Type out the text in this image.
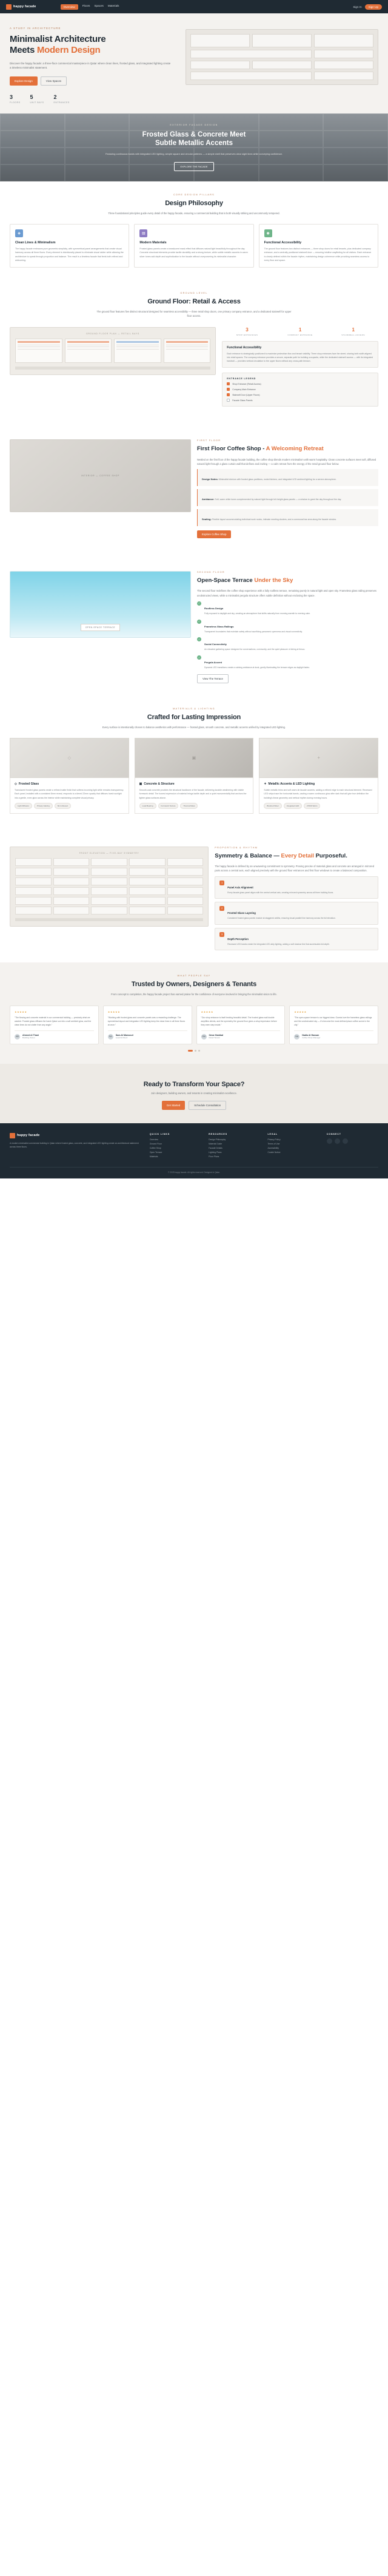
happy facade	Overview	Floors Spaces Materials	Sign In	Sign Up
A STUDY IN ARCHITECTURE
Minimalist Architecture
Meets Modern Design

Discover the happy facade: a three-floor commercial masterpiece in Qatar where clean lines, frosted glass, and integrated lighting create a timeless minimalist statement.

Explore Design	View Spaces
3
FLOORS
5
UNIT BAYS
2
ENTRANCES
EXTERIOR FACADE DESIGN
Frosted Glass & Concrete Meet
Subtle Metallic Accents

Featuring continuous bands with integrated LED lighting, simple square and circular patterns — a simple shell that preserves clear sight lines while conveying confidence.

EXPLORE THE FACADE
CORE DESIGN PILLARS
Design Philosophy

Three foundational principles guide every detail of the happy facade, ensuring a commercial building that is both visually striking and uncommonly tempered.

◈
Clean Lines & Minimalism

The happy facade embraces pure geometric simplicity, with symmetrical panel arrangements that create visual harmony across all three floors. Every element is intentionally placed to eliminate visual clutter while allowing the architecture to speak through proportion and balance. The result is a timeless facade that feels both refined and welcoming.

▤
Modern Materials

Frosted glass panels create a translucent mask effect that diffuses natural light beautifully throughout the day. Concrete structural elements provide tactile durability and a strong texture, while subtle metallic accents in warm silver tones add depth and sophistication to the facade without overpowering its minimalist character.

◉
Functional Accessibility

The ground floor features two distinct entrances — three shop doors for retail tenants, plus dedicated company entrance, and a centrally positioned stairwell door — ensuring intuitive wayfinding for all visitors. Each entrance is clearly defined within the facade rhythm, maintaining design coherence while providing seamless access to every floor and space.

GROUND LEVEL
Ground Floor: Retail & Access

The ground floor features five distinct structural designed for seamless accessibility — three retail shop doors, one primary company entrance, and a dedicated stairwell for upper floor access.

GROUND FLOOR PLAN — RETAIL BAYS
3
SHOP ENTRANCES
1
COMPANY ENTRANCE
1
STAIRWELL ACCESS
Functional Accessibility

Each entrance is strategically positioned to maximize pedestrian flow and tenant visibility. Three shop entrances face the street, sharing both width aligned into retail spaces. The company entrance provides a secure, separate path for building occupants, while the dedicated stairwell access — with its integrated handrail — provides vertical circulation to the upper floors without any cross-path tension.

ENTRANCE LEGEND
Shop Entrance (Retail Access)
Company Main Entrance
Stairwell Door (Upper Floors)
Facade Glass Panels
INTERIOR — COFFEE SHOP
FIRST FLOOR
First Floor Coffee Shop - A Welcoming Retreat

Nestled on the first floor of the happy facade building, the coffee shop blends modern minimalism with warm hospitality. Clean concrete surfaces meet soft, diffused natural light through a glass curtain wall that defines and inviting — a calm retreat from the energy of the retail ground floor below.

Design Notes: Minimalist interiors with frosted glass partitions, muted timbers, and integrated LED ambient lighting for a serene atmosphere.
Ambiance: Soft, warm white tones complemented by natural light through full-height glass panels — a window to greet the day throughout the day.
Seating: Flexible layout accommodating individual work nooks, intimate meeting clusters, and a communal bar area along the facade window.
Explore Coffee Shop
OPEN-SPACE TERRACE
SECOND FLOOR
Open-Space Terrace Under the Sky

The second floor redefines the coffee shop experience with a fully roofless terrace, remaining purely in natural light and open sky. Frameless glass railing preserves unobstructed views, while a minimalist pergola structure offers subtle definition without enclosing the space.

✓
Roofless Design

Fully exposed to daylight and sky, creating an atmosphere that shifts naturally from morning warmth to evening calm.

✓
Frameless Glass Railings

Transparent boundaries that maintain safety without sacrificing panoramic openness and visual connectivity.

✓
Social Connectivity

An elevated gathering space designed for conversations, community, and the quiet pleasure of dining al fresco.

✓
Pergola Accent

Dynamic LED transitions create a calming ambiance at dusk, gently illuminating the terrace edges as daylight fades.

View The Terrace
MATERIALS & LIGHTING
Crafted for Lasting Impression

Every surface is intentionally chosen to balance aesthetics with performance — frosted glass, smooth concrete, and metallic accents unified by integrated LED lighting.

◇
◇ Frosted Glass

Translucent frosted glass panels create a refined matte finish that softens incoming light while remains transparency. Each panel, installed with a consistent 8mm reveal, responds to a tiered 22mm opacity that diffuses harsh sunlight into a gentle, even glow across the interior while maintaining complete visual privacy.

Light Diffusion	Privacy Glazing	8mm Reveal
▣
▣ Concrete & Structure

Smooth-cast concrete provides the structural backbone of the facade, delivering durable weathering with visible formwork detail. The honest expression of material brings tactile depth and a quiet monumentality that anchors the lighter glass surfaces above.

Load Bearing	Formwork Texture	Thermal Mass
✦
✦ Metallic Accents & LED Lighting

Subtle metallic trims and soft warm-tin facade accents, adding a refined edge to each structural element. Recessed LED strips trace the horizontal bands, casting a warm continuous glow after dark that will give true definition the building's linear geometry and vertical rhythm during evening hours.

Brushed Silver	Integrated LED	2700K Warm
FRONT ELEVATION — FIVE-BAY SYMMETRY
PROPORTION & RHYTHM
Symmetry & Balance — Every Detail Purposeful.

The happy facade is defined by an unwavering commitment to symmetry. Proving precise of material glass and concrete are arranged in mirrored pairs across a central axis, each aligned precisely with the ground floor entrances and first floor windows to create a balanced composition.

1
Panel Axis Alignment

Every facade glass panel aligns with the central vertical axis, creating mirrored symmetry across all three building floors.

2
Frosted Glass Layering

Consistent frosted glass panels module at staggered widths, ensuring visual parallel line harmony across the full elevation.

3
Depth Perception

Recessed LED bands create the integrated LED-strip lighting, adding a soft shadow line that accentuates full-depth.

WHAT PEOPLE SAY
Trusted by Owners, Designers & Tenants

From concept to completion, the happy facade project has earned praise for the confidence of everyone involved in bringing the minimalist vision to life.

★★★★★

"The flowing and concrete material in our commercial building — precisely what we wanted. Frosted glass diffuses the harsh Qatar sun into a soft ambient glow, and the clean lines do not clutter from any angle."

AB	Ahmed Al Thani
Building Owner
★★★★★

"Working with frosted glass and concrete panels was a rewarding challenge. The symmetrical layout and integration LED lighting keep the clean lines in all three floors at once."

SA	Sara Al Mansouri
Lead Architect
★★★★★

"Our shop entrance is itself lending beautiful detail. The frosted glass wall double amplifies clients, and the symmetry the ground floor gives a crisp impression before they even step inside."

OM	Omar Haddad
Retail Tenant
★★★★★

"The open-space terrace is our biggest draw. Guests love the frameless glass railings and the unobstructed sky — it's become the most defined place coffee scene in the city."

NA	Nadia Al Hassan
Coffee Shop Manager
Ready to Transform Your Space?

Join designers, building owners, and tenants in creating minimalist excellence.

Get Started	Schedule Consultation
happy facade

A modern minimalist commercial building in Qatar where frosted glass, concrete, and integrated LED lighting create an architectural statement across three floors.

QUICK LINKS
Overview
Ground Floor
Coffee Shop
Open Terrace
Materials
RESOURCES
Design Philosophy
Material Guide
Facade Details
Lighting Plans
Floor Plans
LEGAL
Privacy Policy
Terms of Use
Accessibility
Cookie Notice
CONNECT
© 2025 happy facade. All rights reserved. Designed in Qatar.
